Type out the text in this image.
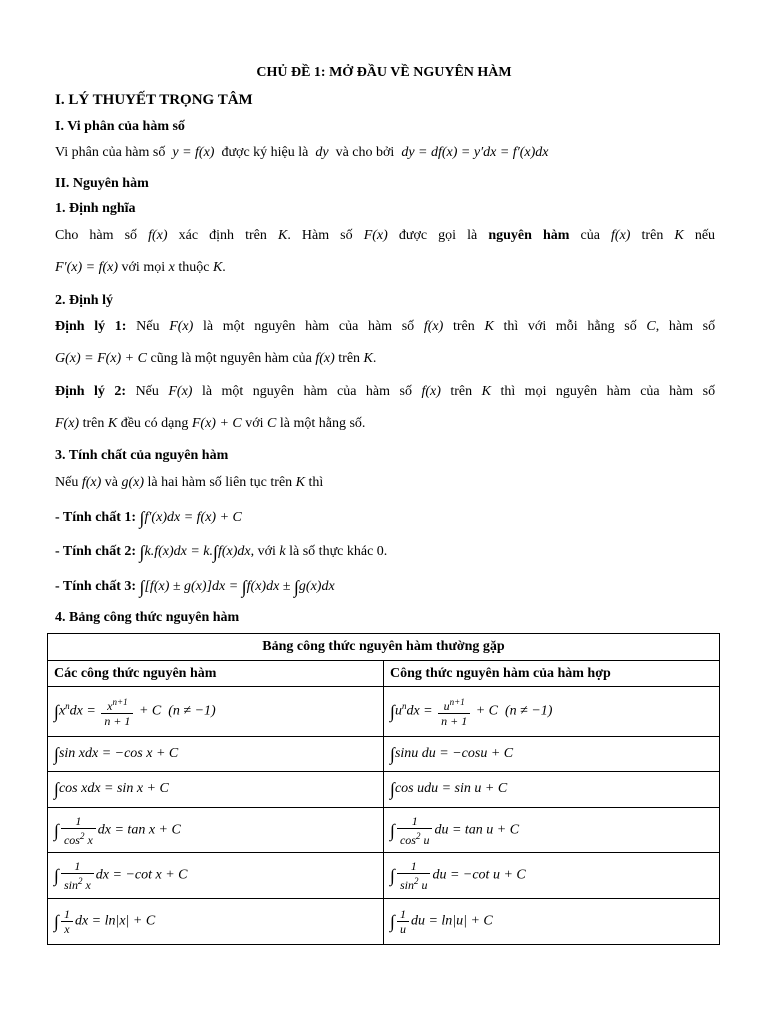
CHỦ ĐỀ 1: MỞ ĐẦU VỀ NGUYÊN HÀM
I. LÝ THUYẾT TRỌNG TÂM
I. Vi phân của hàm số
Vi phân của hàm số  y = f(x)  được ký hiệu là  dy  và cho bởi  dy = df(x) = y′dx = f′(x)dx
II. Nguyên hàm
1. Định nghĩa
Cho hàm số f(x) xác định trên K. Hàm số F(x) được gọi là nguyên hàm của f(x) trên K nếu
F′(x) = f(x) với mọi x thuộc K.
2. Định lý
Định lý 1: Nếu F(x) là một nguyên hàm của hàm số f(x) trên K thì với mỗi hằng số C, hàm số
G(x) = F(x) + C cũng là một nguyên hàm của f(x) trên K.
Định lý 2: Nếu F(x) là một nguyên hàm của hàm số f(x) trên K thì mọi nguyên hàm của hàm số
F(x) trên K đều có dạng F(x) + C với C là một hằng số.
3. Tính chất của nguyên hàm
Nếu f(x) và g(x) là hai hàm số liên tục trên K thì
- Tính chất 1: ∫f′(x)dx = f(x) + C
- Tính chất 2: ∫k.f(x)dx = k.∫f(x)dx, với k là số thực khác 0.
- Tính chất 3: ∫[f(x) ± g(x)]dx = ∫f(x)dx ± ∫g(x)dx
4. Bảng công thức nguyên hàm
Bảng công thức nguyên hàm thường gặp	
Các công thức nguyên hàm	Công thức nguyên hàm của hàm hợp
$\int x^ndx = \frac{x^{n+1}}{n + 1} + C$  (n ≠ −1)	$\int u^ndx = \frac{u^{n+1}}{n + 1} + C$  (n ≠ −1)
∫sin xdx = −cos x + C	∫sinu du = −cosu + C
∫cos xdx = sin x + C	∫cos udu = sin u + C
∫ $\frac{1}{\cos^2 x}$ dx = tan x + C	∫ $\frac{1}{\cos^2 u}$ du = tan u + C
∫ $\frac{1}{\sin^2 x}$ dx = −cot x + C	∫ $\frac{1}{\sin^2 u}$ du = −cot u + C
∫ $\frac{1}{x}$ dx = ln|x| + C	∫ $\frac{1}{u}$ du = ln|u| + C
